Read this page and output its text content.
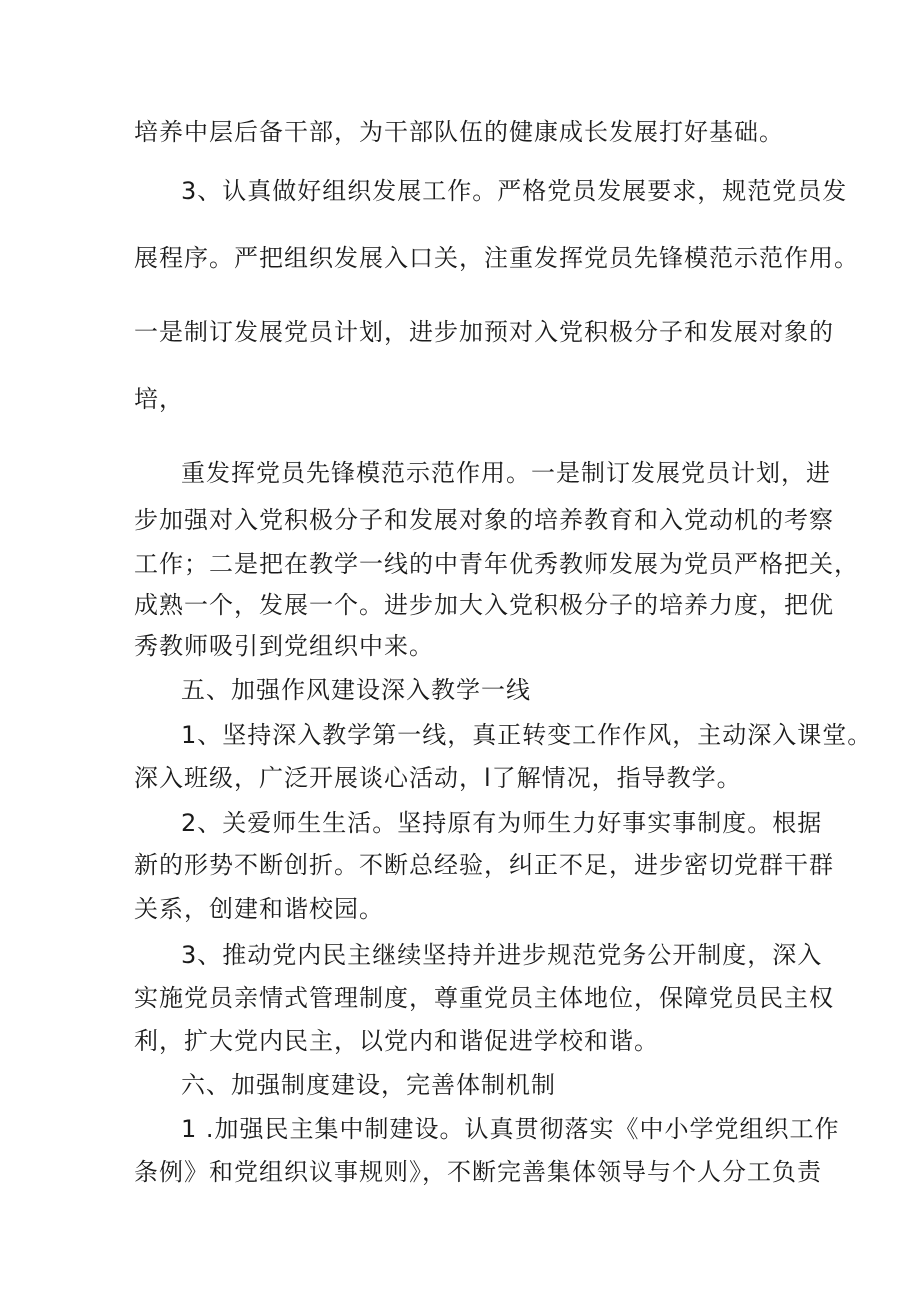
培养中层后备干部，为干部队伍的健康成长发展打好基础。
3、认真做好组织发展工作。严格党员发展要求，规范党员发
展程序。严把组织发展入口关，注重发挥党员先锋模范示范作用。
一是制订发展党员计划，进步加预对入党积极分子和发展对象的
培，
重发挥党员先锋模范示范作用。一是制订发展党员计划，进
步加强对入党积极分子和发展对象的培养教育和入党动机的考察
工作；二是把在教学一线的中青年优秀教师发展为党员严格把关，
成熟一个，发展一个。进步加大入党积极分子的培养力度，把优
秀教师吸引到党组织中来。
五、加强作风建设深入教学一线
1、坚持深入教学第一线，真正转变工作作风，主动深入课堂。
深入班级，广泛开展谈心活动，l了解情况，指导教学。
2、关爱师生生活。坚持原有为师生力好事实事制度。根据
新的形势不断创折。不断总经验，纠正不足，进步密切党群干群
关系，创建和谐校园。
3、推动党内民主继续坚持并进步规范党务公开制度，深入
实施党员亲情式管理制度，尊重党员主体地位，保障党员民主权
利，扩大党内民主，以党内和谐促进学校和谐。
六、加强制度建设，完善体制机制
1 .加强民主集中制建设。认真贯彻落实《中小学党组织工作
条例》和党组织议事规则》，不断完善集体领导与个人分工负责
